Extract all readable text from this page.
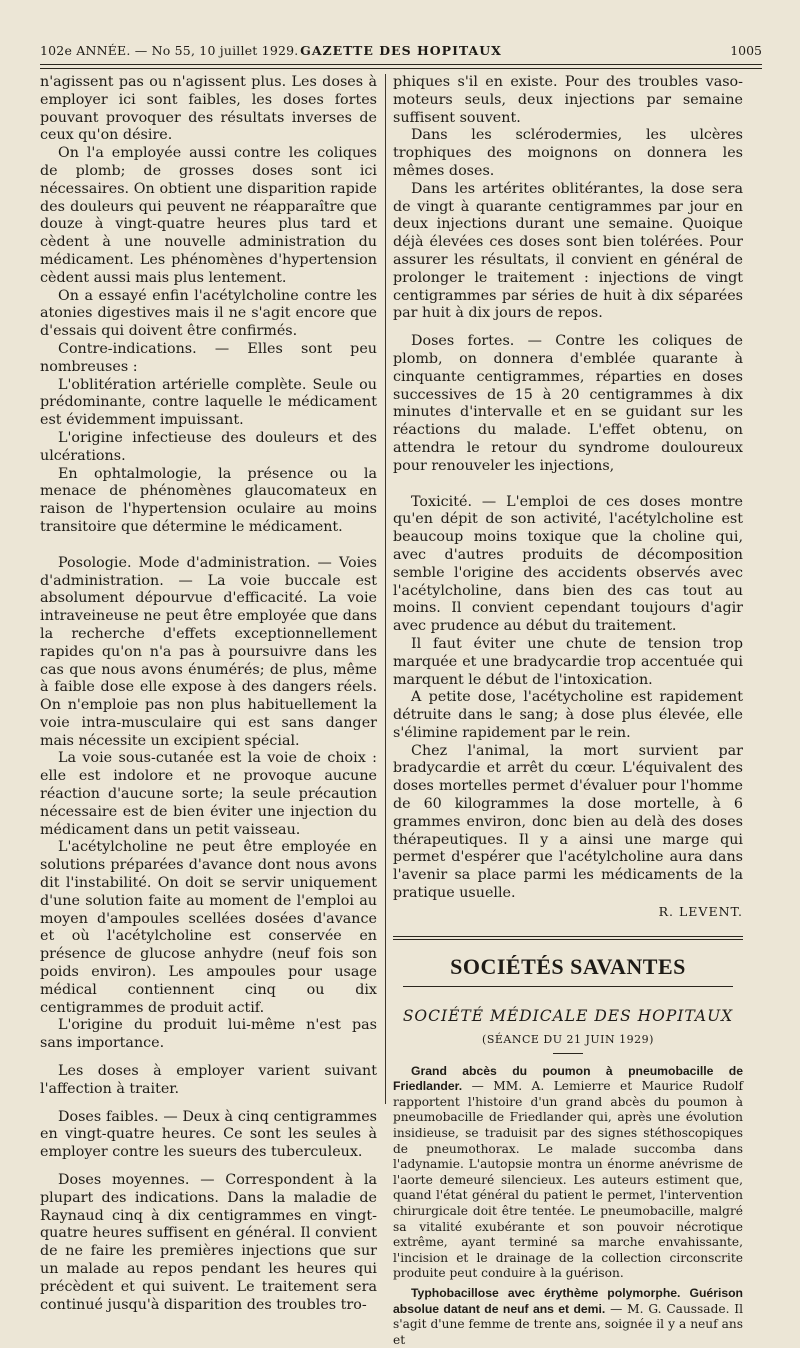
102e ANNÉE. — No 55, 10 juillet 1929. GAZETTE DES HOPITAUX	1005

n'agissent pas ou n'agissent plus. Les doses à employer ici sont faibles, les doses fortes pouvant provoquer des résultats inverses de ceux qu'on désire.

On l'a employée aussi contre les coliques de plomb; de grosses doses sont ici nécessaires. On obtient une disparition rapide des douleurs qui peuvent ne réapparaître que douze à vingt-quatre heures plus tard et cèdent à une nouvelle administration du médicament. Les phénomènes d'hypertension cèdent aussi mais plus lentement.

On a essayé enfin l'acétylcholine contre les atonies digestives mais il ne s'agit encore que d'essais qui doivent être confirmés.

Contre-indications. — Elles sont peu nombreuses :

L'oblitération artérielle complète. Seule ou prédominante, contre laquelle le médicament est évidemment impuissant.

L'origine infectieuse des douleurs et des ulcérations.

En ophtalmologie, la présence ou la menace de phénomènes glaucomateux en raison de l'hypertension oculaire au moins transitoire que détermine le médicament.

Posologie. Mode d'administration. — Voies d'administration. — La voie buccale est absolument dépourvue d'efficacité. La voie intraveineuse ne peut être employée que dans la recherche d'effets exceptionnellement rapides qu'on n'a pas à poursuivre dans les cas que nous avons énumérés; de plus, même à faible dose elle expose à des dangers réels. On n'emploie pas non plus habituellement la voie intra-musculaire qui est sans danger mais nécessite un excipient spécial.

La voie sous-cutanée est la voie de choix : elle est indolore et ne provoque aucune réaction d'aucune sorte; la seule précaution nécessaire est de bien éviter une injection du médicament dans un petit vaisseau.

L'acétylcholine ne peut être employée en solutions préparées d'avance dont nous avons dit l'instabilité. On doit se servir uniquement d'une solution faite au moment de l'emploi au moyen d'ampoules scellées dosées d'avance et où l'acétylcholine est conservée en présence de glucose anhydre (neuf fois son poids environ). Les ampoules pour usage médical contiennent cinq ou dix centigrammes de produit actif.

L'origine du produit lui-même n'est pas sans importance.

Les doses à employer varient suivant l'affection à traiter.

Doses faibles. — Deux à cinq centigrammes en vingt-quatre heures. Ce sont les seules à employer contre les sueurs des tuberculeux.

Doses moyennes. — Correspondent à la plupart des indications. Dans la maladie de Raynaud cinq à dix centigrammes en vingt-quatre heures suffisent en général. Il convient de ne faire les premières injections que sur un malade au repos pendant les heures qui précèdent et qui suivent. Le traitement sera continué jusqu'à disparition des troubles tro-

phiques s'il en existe. Pour des troubles vaso-moteurs seuls, deux injections par semaine suffisent souvent.

Dans les sclérodermies, les ulcères trophiques des moignons on donnera les mêmes doses.

Dans les artérites oblitérantes, la dose sera de vingt à quarante centigrammes par jour en deux injections durant une semaine. Quoique déjà élevées ces doses sont bien tolérées. Pour assurer les résultats, il convient en général de prolonger le traitement : injections de vingt centigrammes par séries de huit à dix séparées par huit à dix jours de repos.

Doses fortes. — Contre les coliques de plomb, on donnera d'emblée quarante à cinquante centigrammes, réparties en doses successives de 15 à 20 centigrammes à dix minutes d'intervalle et en se guidant sur les réactions du malade. L'effet obtenu, on attendra le retour du syndrome douloureux pour renouveler les injections,

Toxicité. — L'emploi de ces doses montre qu'en dépit de son activité, l'acétylcholine est beaucoup moins toxique que la choline qui, avec d'autres produits de décomposition semble l'origine des accidents observés avec l'acétylcholine, dans bien des cas tout au moins. Il convient cependant toujours d'agir avec prudence au début du traitement.

Il faut éviter une chute de tension trop marquée et une bradycardie trop accentuée qui marquent le début de l'intoxication.

A petite dose, l'acétycholine est rapidement détruite dans le sang; à dose plus élevée, elle s'élimine rapidement par le rein.

Chez l'animal, la mort survient par bradycardie et arrêt du cœur. L'équivalent des doses mortelles permet d'évaluer pour l'homme de 60 kilogrammes la dose mortelle, à 6 grammes environ, donc bien au delà des doses thérapeutiques. Il y a ainsi une marge qui permet d'espérer que l'acétylcholine aura dans l'avenir sa place parmi les médicaments de la pratique usuelle.

R. LEVENT.

SOCIÉTÉS SAVANTES
SOCIÉTÉ MÉDICALE DES HOPITAUX
(SÉANCE DU 21 JUIN 1929)

Grand abcès du poumon à pneumobacille de Friedlander. — MM. A. Lemierre et Maurice Rudolf rapportent l'histoire d'un grand abcès du poumon à pneumobacille de Friedlander qui, après une évolution insidieuse, se traduisit par des signes stéthoscopiques de pneumothorax. Le malade succomba dans l'adynamie. L'autopsie montra un énorme anévrisme de l'aorte demeuré silencieux. Les auteurs estiment que, quand l'état général du patient le permet, l'intervention chirurgicale doit être tentée. Le pneumobacille, malgré sa vitalité exubérante et son pouvoir nécrotique extrême, ayant terminé sa marche envahissante, l'incision et le drainage de la collection circonscrite produite peut conduire à la guérison.

Typhobacillose avec érythème polymorphe. Guérison absolue datant de neuf ans et demi. — M. G. Caussade. Il s'agit d'une femme de trente ans, soignée il y a neuf ans et
